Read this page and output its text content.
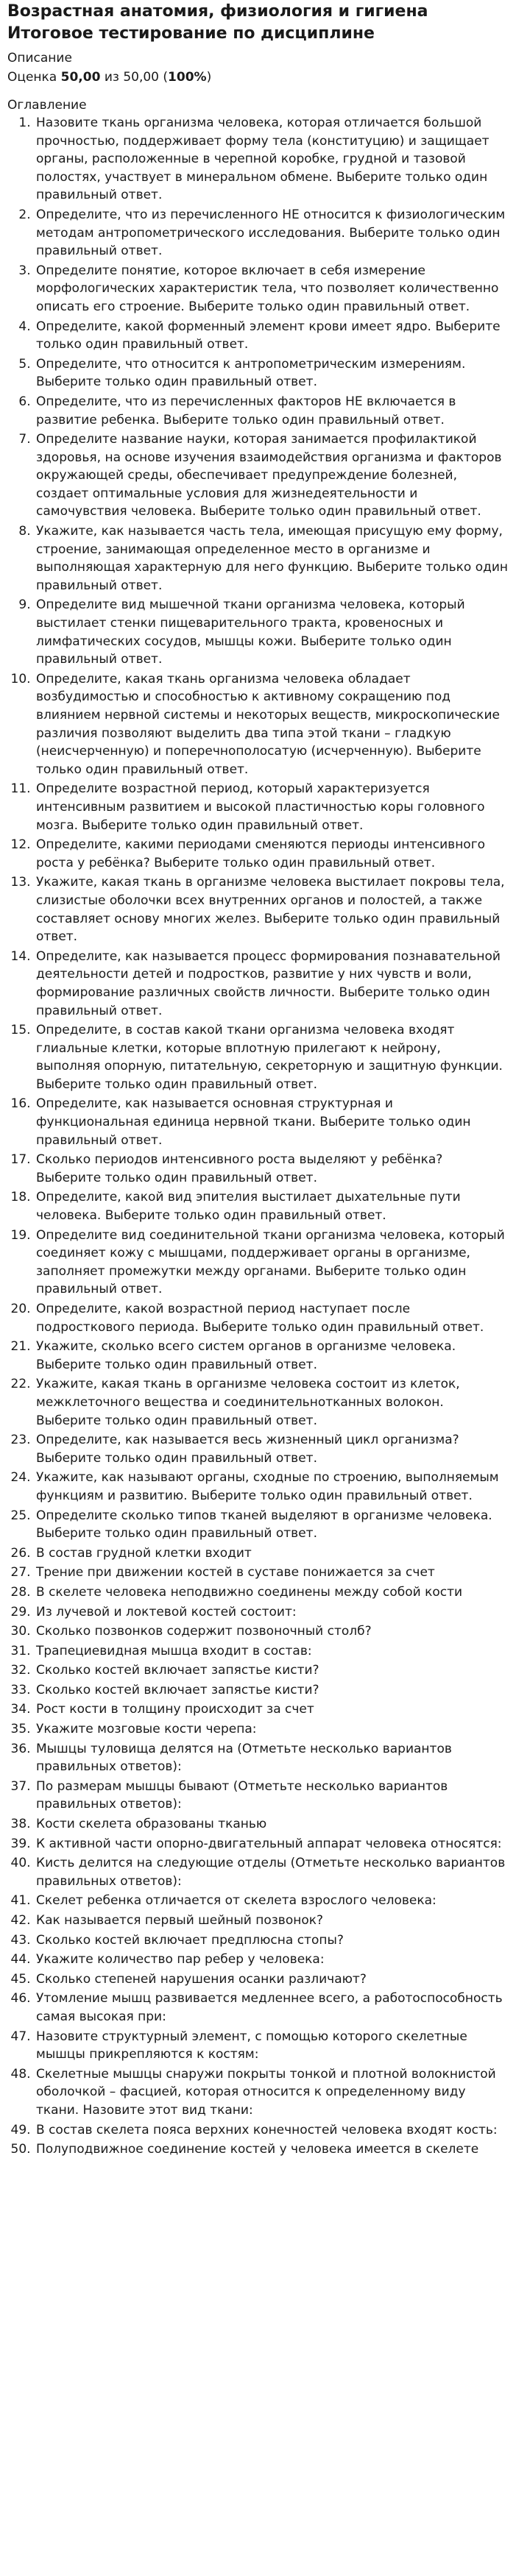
Возрастная анатомия, физиология и гигиена Итоговое тестирование по дисциплине
Описание
Оценка 50,00 из 50,00 (100%)
Оглавление
1. Назовите ткань организма человека, которая отличается большой прочностью, поддерживает форму тела (конституцию) и защищает органы, расположенные в черепной коробке, грудной и тазовой полостях, участвует в минеральном обмене. Выберите только один правильный ответ.
2. Определите, что из перечисленного НЕ относится к физиологическим методам антропометрического исследования. Выберите только один правильный ответ.
3. Определите понятие, которое включает в себя измерение морфологических характеристик тела, что позволяет количественно описать его строение. Выберите только один правильный ответ.
4. Определите, какой форменный элемент крови имеет ядро. Выберите только один правильный ответ.
5. Определите, что относится к антропометрическим измерениям. Выберите только один правильный ответ.
6. Определите, что из перечисленных факторов НЕ включается в развитие ребенка. Выберите только один правильный ответ.
7. Определите название науки, которая занимается профилактикой здоровья, на основе изучения взаимодействия организма и факторов окружающей среды, обеспечивает предупреждение болезней, создает оптимальные условия для жизнедеятельности и самочувствия человека. Выберите только один правильный ответ.
8. Укажите, как называется часть тела, имеющая присущую ему форму, строение, занимающая определенное место в организме и выполняющая характерную для него функцию. Выберите только один правильный ответ.
9. Определите вид мышечной ткани организма человека, который выстилает стенки пищеварительного тракта, кровеносных и лимфатических сосудов, мышцы кожи. Выберите только один правильный ответ.
10. Определите, какая ткань организма человека обладает возбудимостью и способностью к активному сокращению под влиянием нервной системы и некоторых веществ, микроскопические различия позволяют выделить два типа этой ткани – гладкую (неисчерченную) и поперечнополосатую (исчерченную). Выберите только один правильный ответ.
11. Определите возрастной период, который характеризуется интенсивным развитием и высокой пластичностью коры головного мозга. Выберите только один правильный ответ.
12. Определите, какими периодами сменяются периоды интенсивного роста у ребёнка? Выберите только один правильный ответ.
13. Укажите, какая ткань в организме человека выстилает покровы тела, слизистые оболочки всех внутренних органов и полостей, а также составляет основу многих желез. Выберите только один правильный ответ.
14. Определите, как называется процесс формирования познавательной деятельности детей и подростков, развитие у них чувств и воли, формирование различных свойств личности. Выберите только один правильный ответ.
15. Определите, в состав какой ткани организма человека входят глиальные клетки, которые вплотную прилегают к нейрону, выполняя опорную, питательную, секреторную и защитную функции. Выберите только один правильный ответ.
16. Определите, как называется основная структурная и функциональная единица нервной ткани. Выберите только один правильный ответ.
17. Сколько периодов интенсивного роста выделяют у ребёнка? Выберите только один правильный ответ.
18. Определите, какой вид эпителия выстилает дыхательные пути человека. Выберите только один правильный ответ.
19. Определите вид соединительной ткани организма человека, который соединяет кожу с мышцами, поддерживает органы в организме, заполняет промежутки между органами. Выберите только один правильный ответ.
20. Определите, какой возрастной период наступает после подросткового периода. Выберите только один правильный ответ.
21. Укажите, сколько всего систем органов в организме человека. Выберите только один правильный ответ.
22. Укажите, какая ткань в организме человека состоит из клеток, межклеточного вещества и соединительнотканных волокон. Выберите только один правильный ответ.
23. Определите, как называется весь жизненный цикл организма? Выберите только один правильный ответ.
24. Укажите, как называют органы, сходные по строению, выполняемым функциям и развитию. Выберите только один правильный ответ.
25. Определите сколько типов тканей выделяют в организме человека. Выберите только один правильный ответ.
26. В состав грудной клетки входит
27. Трение при движении костей в суставе понижается за счет
28. В скелете человека неподвижно соединены между собой кости
29. Из лучевой и локтевой костей состоит:
30. Сколько позвонков содержит позвоночный столб?
31. Трапециевидная мышца входит в состав:
32. Сколько костей включает запястье кисти?
33. Сколько костей включает запястье кисти?
34. Рост кости в толщину происходит за счет
35. Укажите мозговые кости черепа:
36. Мышцы туловища делятся на (Отметьте несколько вариантов правильных ответов):
37. По размерам мышцы бывают (Отметьте несколько вариантов правильных ответов):
38. Кости скелета образованы тканью
39. К активной части опорно-двигательный аппарат человека относятся:
40. Кисть делится на следующие отделы (Отметьте несколько вариантов правильных ответов):
41. Скелет ребенка отличается от скелета взрослого человека:
42. Как называется первый шейный позвонок?
43. Сколько костей включает предплюсна стопы?
44. Укажите количество пар ребер у человека:
45. Сколько степеней нарушения осанки различают?
46. Утомление мышц развивается медленнее всего, а работоспособность самая высокая при:
47. Назовите структурный элемент, с помощью которого скелетные мышцы прикрепляются к костям:
48. Скелетные мышцы снаружи покрыты тонкой и плотной волокнистой оболочкой – фасцией, которая относится к определенному виду ткани. Назовите этот вид ткани:
49. В состав скелета пояса верхних конечностей человека входят кость:
50. Полуподвижное соединение костей у человека имеется в скелете
